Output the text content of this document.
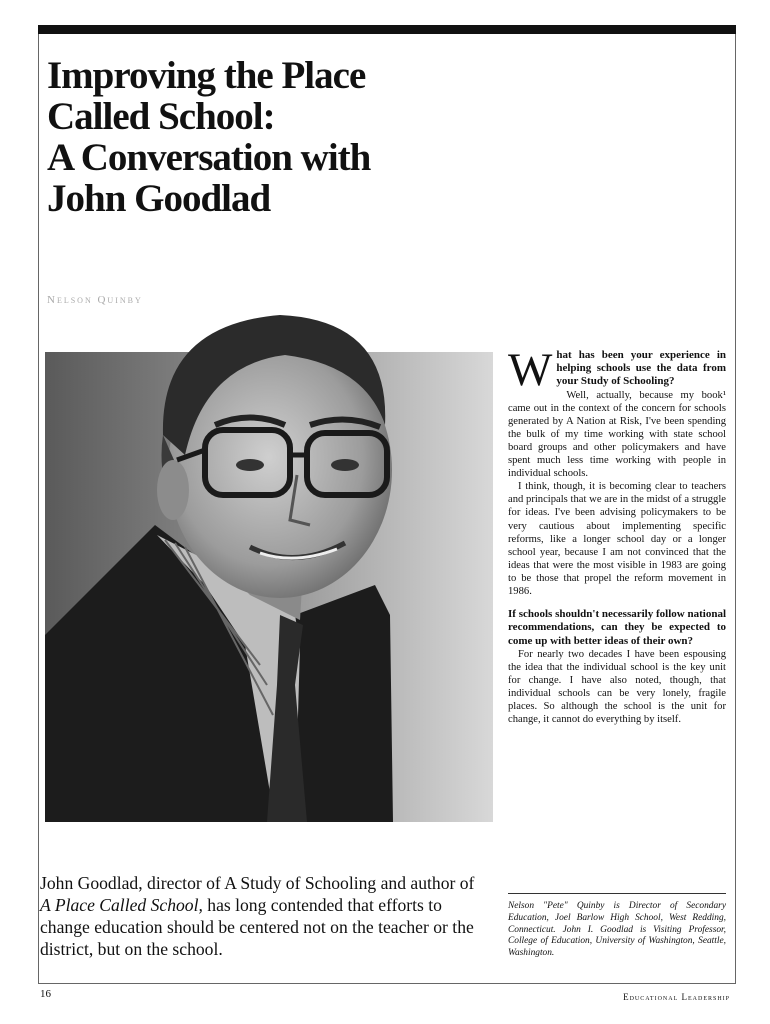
Improving the Place
Called School:
A Conversation with
John Goodlad
Nelson Quinby

John Goodlad, director of A Study of Schooling and author of A Place Called School, has long contended that efforts to change education should be centered not on the teacher or the district, but on the school.

What has been your experience in helping schools use the data from your Study of Schooling?

Well, actually, because my book¹ came out in the context of the concern for schools generated by A Nation at Risk, I've been spending the bulk of my time working with state school board groups and other policymakers and have spent much less time working with people in individual schools.

I think, though, it is becoming clear to teachers and principals that we are in the midst of a struggle for ideas. I've been advising policymakers to be very cautious about implementing specific reforms, like a longer school day or a longer school year, because I am not convinced that the ideas that were the most visible in 1983 are going to be those that propel the reform movement in 1986.

If schools shouldn't necessarily follow national recommendations, can they be expected to come up with better ideas of their own?

For nearly two decades I have been espousing the idea that the individual school is the key unit for change. I have also noted, though, that individual schools can be very lonely, fragile places. So although the school is the unit for change, it cannot do everything by itself.

Nelson "Pete" Quinby is Director of Secondary Education, Joel Barlow High School, West Redding, Connecticut. John I. Goodlad is Visiting Professor, College of Education, University of Washington, Seattle, Washington.
16	Educational Leadership
